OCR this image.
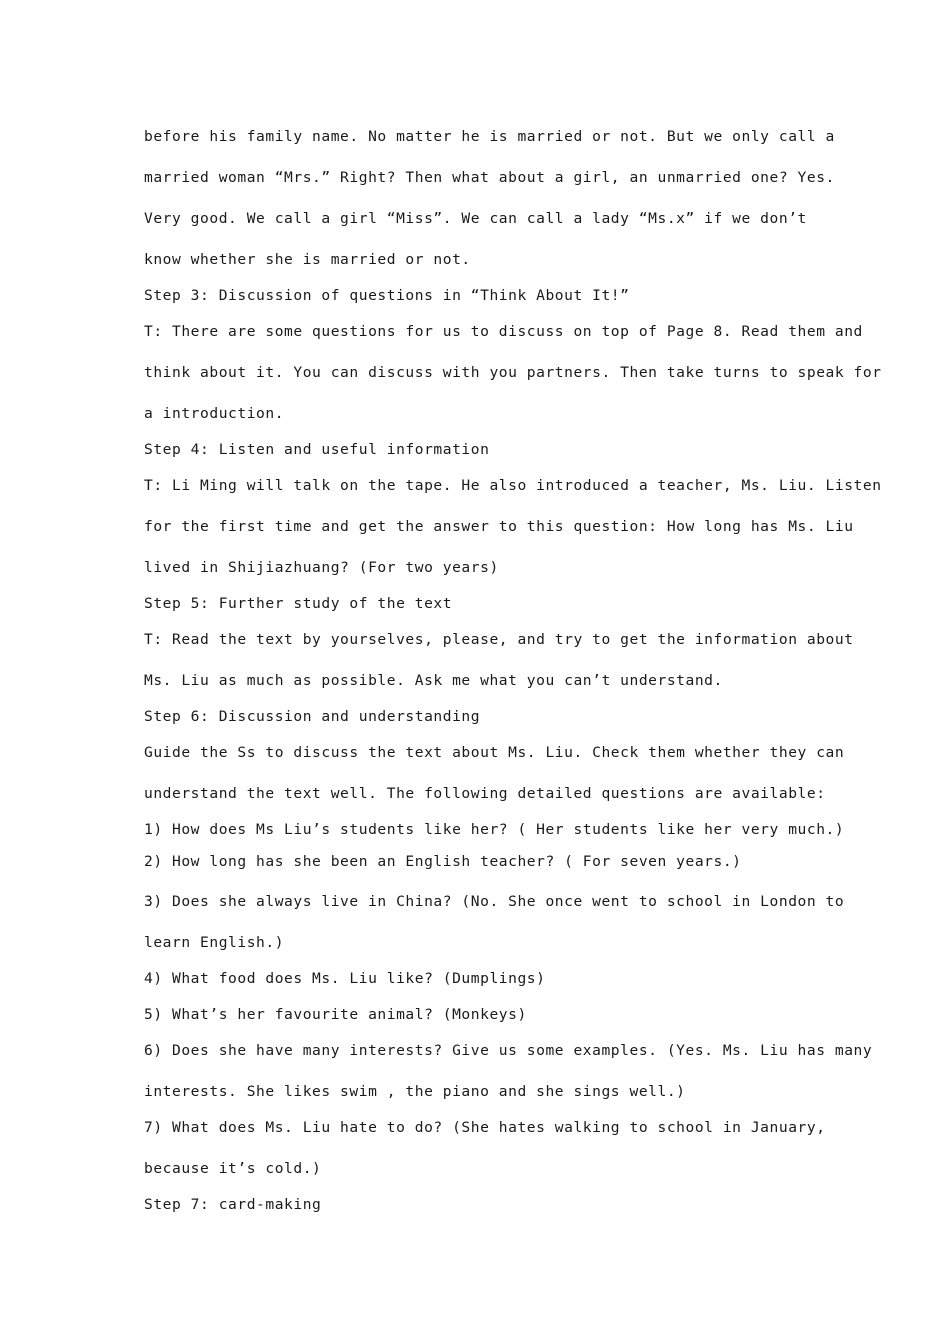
before his family name. No matter he is married or not. But we only call a
married woman “Mrs.” Right? Then what about a girl, an unmarried one? Yes.
Very good. We call a girl “Miss”. We can call a lady “Ms.x” if we don’t
know whether she is married or not.
Step 3: Discussion of questions in “Think About It!”
T: There are some questions for us to discuss on top of Page 8. Read them and
think about it. You can discuss with you partners. Then take turns to speak for
a introduction.
Step 4: Listen and useful information
T: Li Ming will talk on the tape. He also introduced a teacher, Ms. Liu. Listen
for the first time and get the answer to this question: How long has Ms. Liu
lived in Shijiazhuang? (For two years)
Step 5: Further study of the text
T: Read the text by yourselves, please, and try to get the information about
Ms. Liu as much as possible. Ask me what you can’t understand.
Step 6: Discussion and understanding
Guide the Ss to discuss the text about Ms. Liu. Check them whether they can
understand the text well. The following detailed questions are available:
1) How does Ms Liu’s students like her? ( Her students like her very much.)
2) How long has she been an English teacher? ( For seven years.)
3) Does she always live in China? (No. She once went to school in London to
learn English.)
4) What food does Ms. Liu like? (Dumplings)
5) What’s her favourite animal? (Monkeys)
6) Does she have many interests? Give us some examples. (Yes. Ms. Liu has many
interests. She likes swim , the piano and she sings well.)
7) What does Ms. Liu hate to do? (She hates walking to school in January,
because it’s cold.)
Step 7: card-making
